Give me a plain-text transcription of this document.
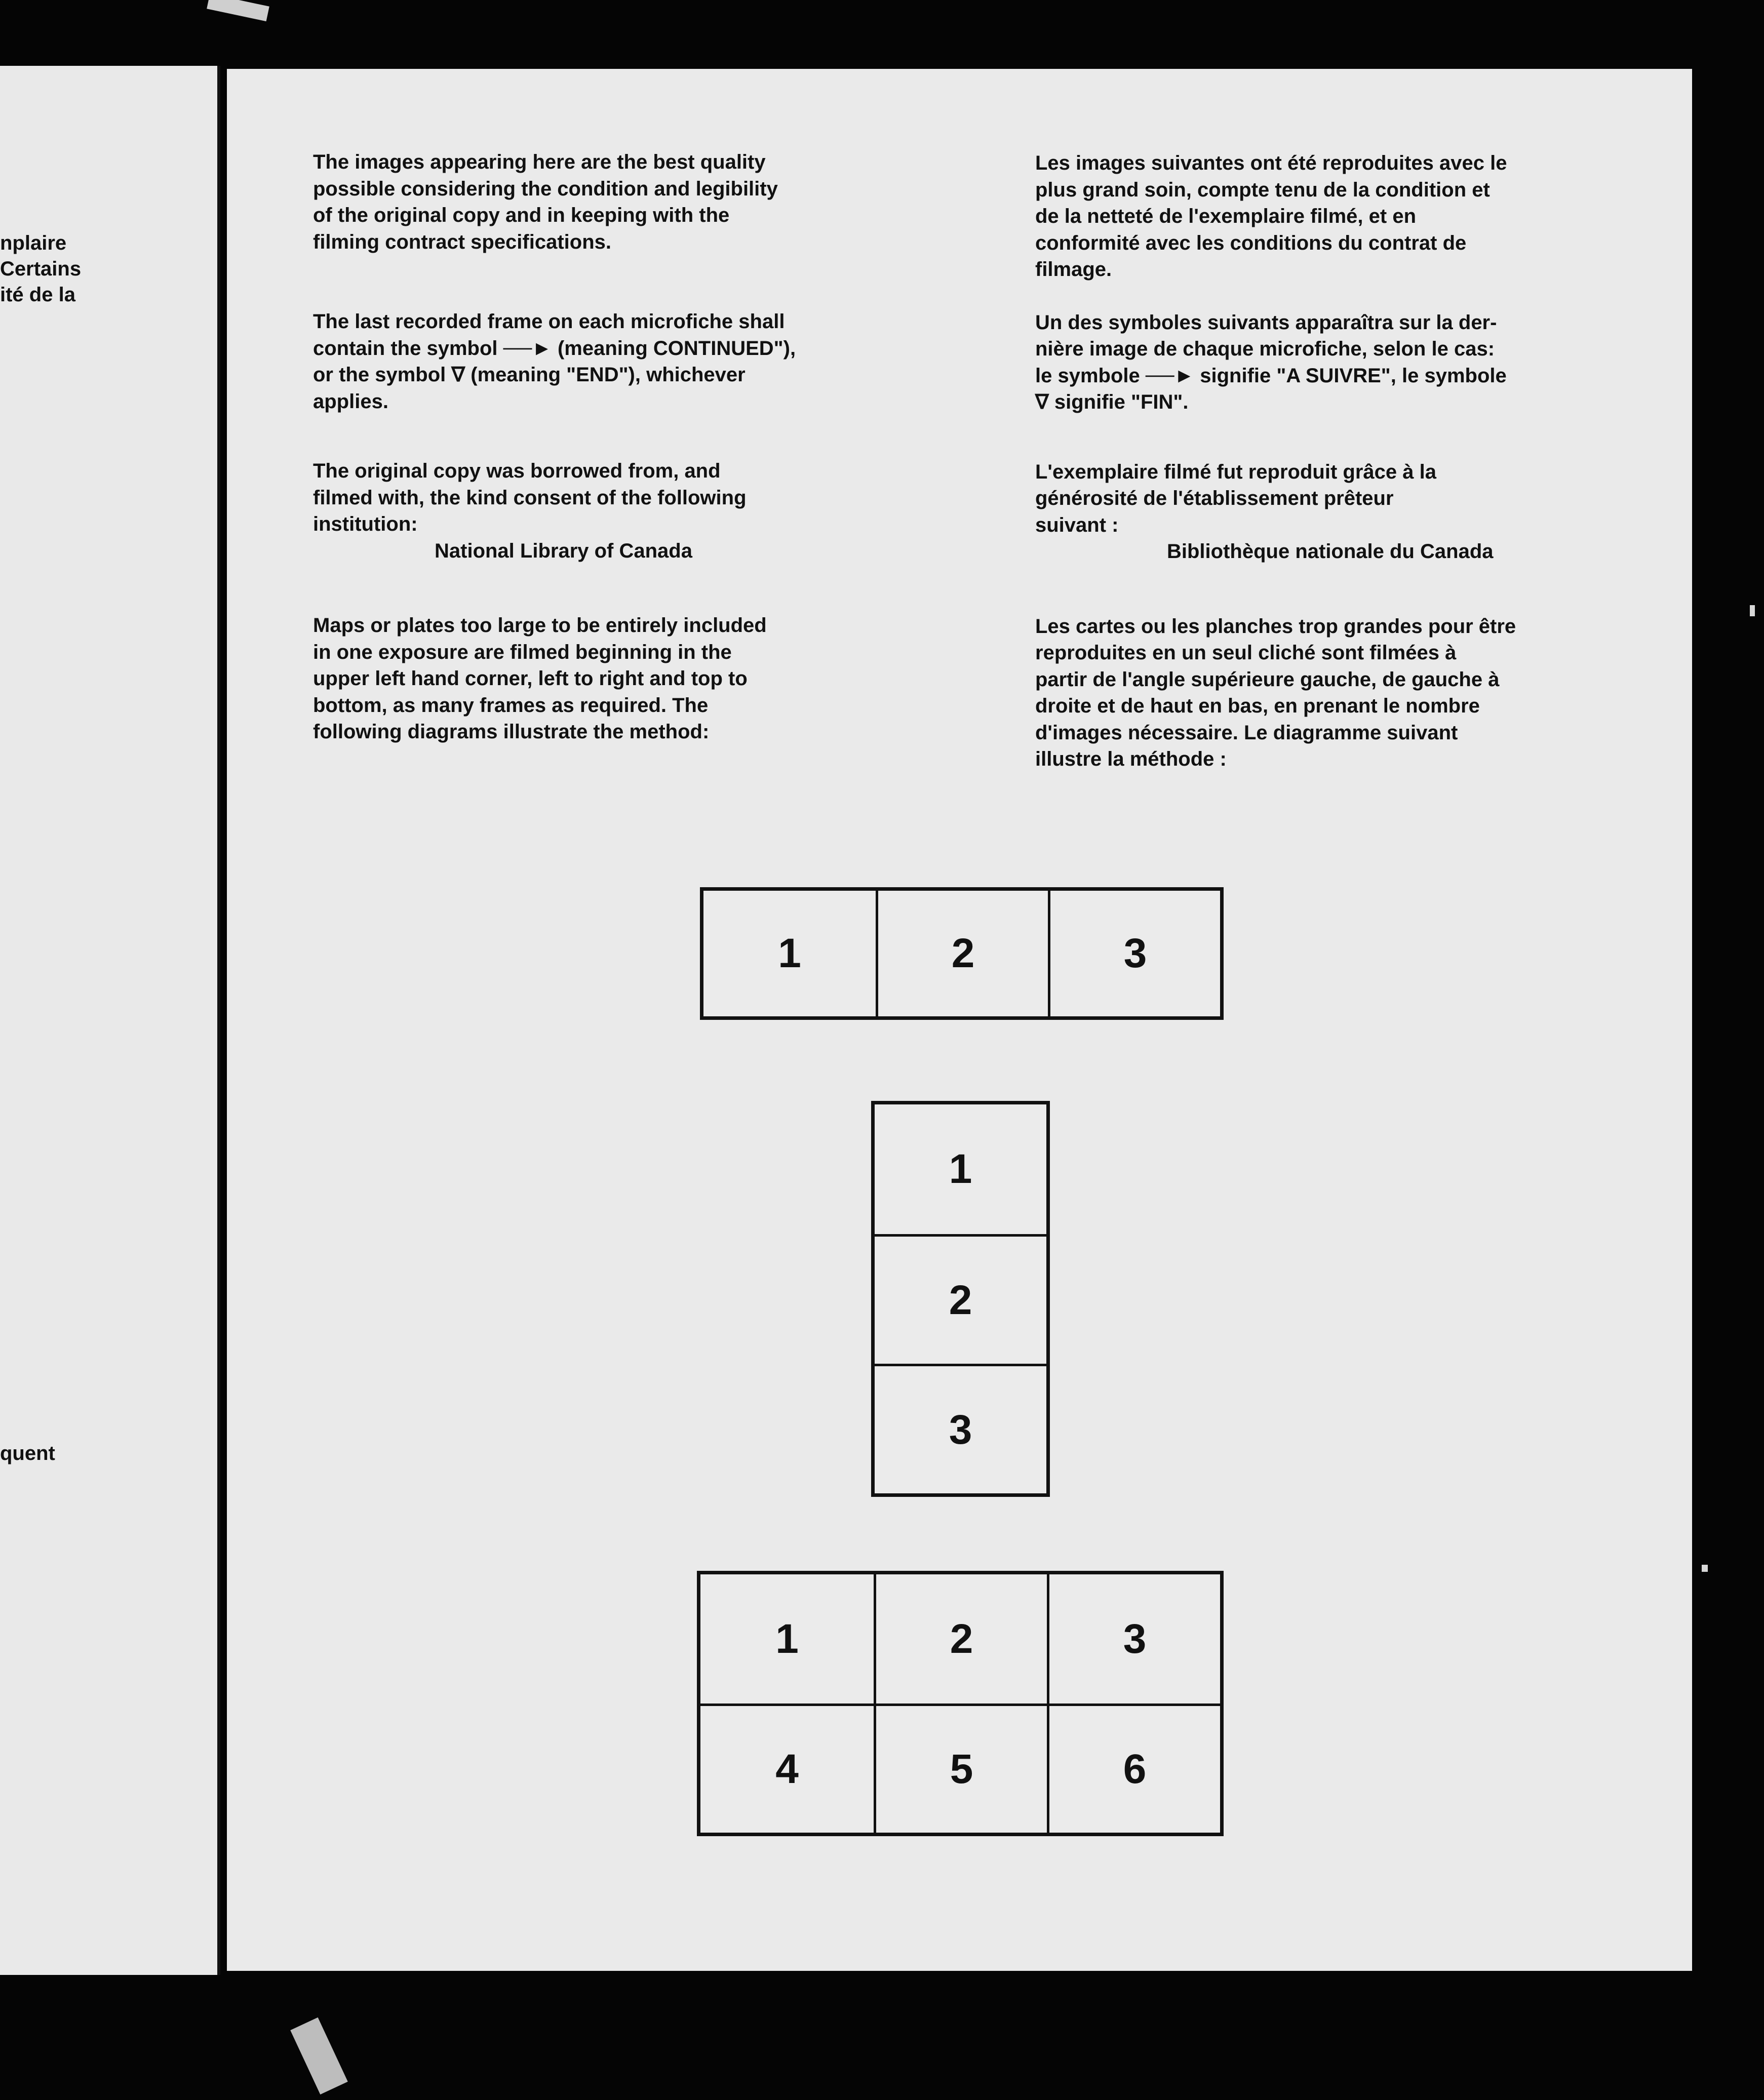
nplaire
Certains
ité de la
quent

The images appearing here are the best quality
possible considering the condition and legibility
of the original copy and in keeping with the
filming contract specifications.

The last recorded frame on each microfiche shall
contain the symbol ──► (meaning CONTINUED"),
or the symbol ∇ (meaning "END"), whichever
applies.

The original copy was borrowed from, and
filmed with, the kind consent of the following
institution:

National Library of Canada

Maps or plates too large to be entirely included
in one exposure are filmed beginning in the
upper left hand corner, left to right and top to
bottom, as many frames as required. The
following diagrams illustrate the method:

Les images suivantes ont été reproduites avec le
plus grand soin, compte tenu de la condition et
de la netteté de l'exemplaire filmé, et en
conformité avec les conditions du contrat de
filmage.

Un des symboles suivants apparaîtra sur la der-
nière image de chaque microfiche, selon le cas:
le symbole ──► signifie "A SUIVRE", le symbole
∇ signifie "FIN".

L'exemplaire filmé fut reproduit grâce à la
générosité de l'établissement prêteur
suivant :

Bibliothèque nationale du Canada

Les cartes ou les planches trop grandes pour être
reproduites en un seul cliché sont filmées à
partir de l'angle supérieure gauche, de gauche à
droite et de haut en bas, en prenant le nombre
d'images nécessaire. Le diagramme suivant
illustre la méthode :

1	2	3
1
2
3
1	2	3
4	5	6
